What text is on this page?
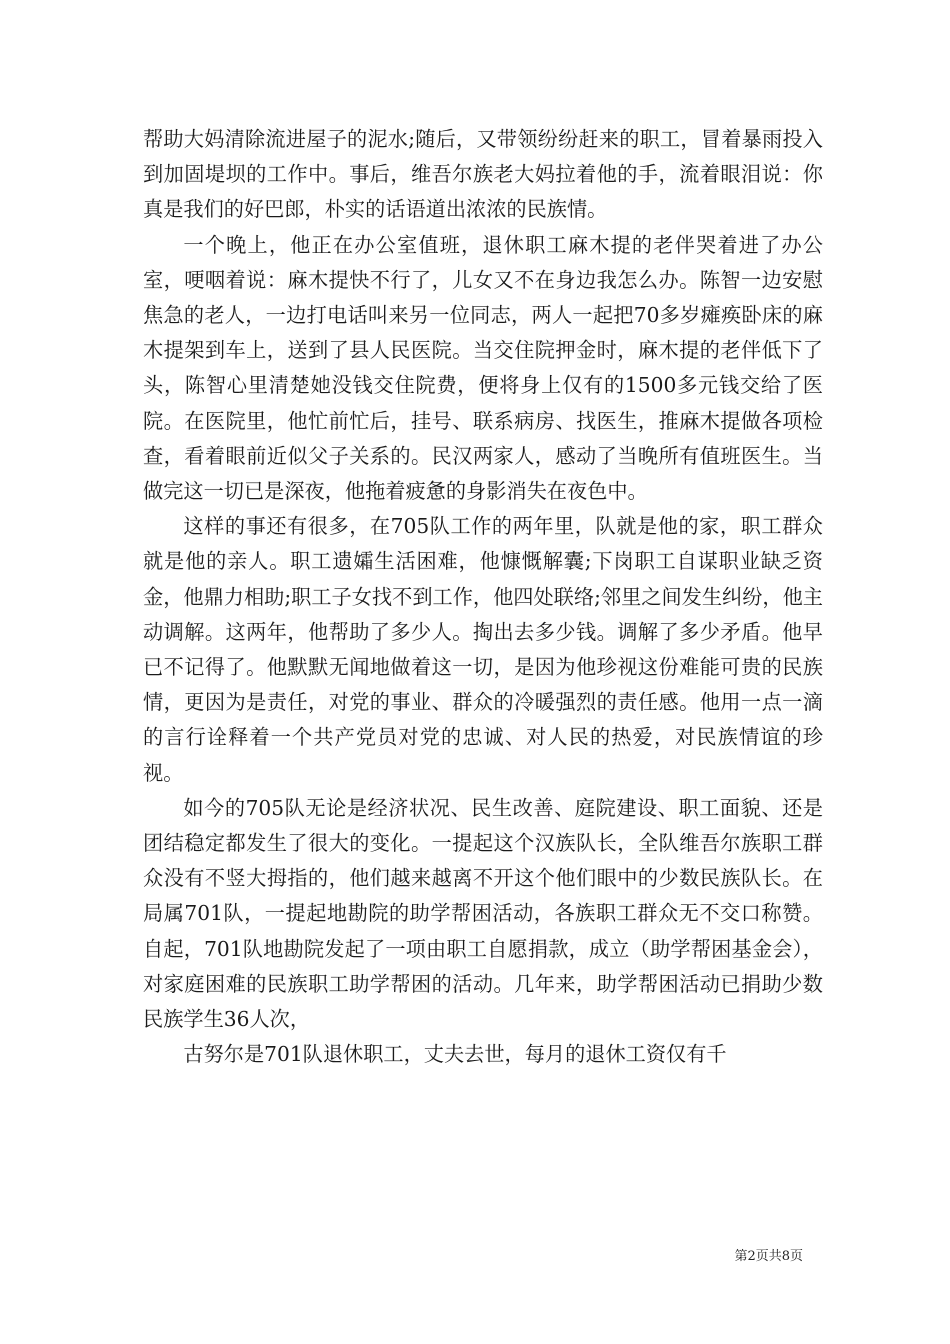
帮助大妈清除流进屋子的泥水;随后，又带领纷纷赶来的职工，冒着暴雨投入到加固堤坝的工作中。事后，维吾尔族老大妈拉着他的手，流着眼泪说：你真是我们的好巴郎，朴实的话语道出浓浓的民族情。

一个晚上，他正在办公室值班，退休职工麻木提的老伴哭着进了办公室，哽咽着说：麻木提快不行了，儿女又不在身边我怎么办。陈智一边安慰焦急的老人，一边打电话叫来另一位同志，两人一起把70多岁瘫痪卧床的麻木提架到车上，送到了县人民医院。当交住院押金时，麻木提的老伴低下了头，陈智心里清楚她没钱交住院费，便将身上仅有的1500多元钱交给了医院。在医院里，他忙前忙后，挂号、联系病房、找医生，推麻木提做各项检查，看着眼前近似父子关系的。民汉两家人，感动了当晚所有值班医生。当做完这一切已是深夜，他拖着疲惫的身影消失在夜色中。

这样的事还有很多，在705队工作的两年里，队就是他的家，职工群众就是他的亲人。职工遗孀生活困难，他慷慨解囊;下岗职工自谋职业缺乏资金，他鼎力相助;职工子女找不到工作，他四处联络;邻里之间发生纠纷，他主动调解。这两年，他帮助了多少人。掏出去多少钱。调解了多少矛盾。他早已不记得了。他默默无闻地做着这一切，是因为他珍视这份难能可贵的民族情，更因为是责任，对党的事业、群众的冷暖强烈的责任感。他用一点一滴的言行诠释着一个共产党员对党的忠诚、对人民的热爱，对民族情谊的珍视。

如今的705队无论是经济状况、民生改善、庭院建设、职工面貌、还是团结稳定都发生了很大的变化。一提起这个汉族队长，全队维吾尔族职工群众没有不竖大拇指的，他们越来越离不开这个他们眼中的少数民族队长。在局属701队，一提起地勘院的助学帮困活动，各族职工群众无不交口称赞。自起，701队地勘院发起了一项由职工自愿捐款，成立（助学帮困基金会），对家庭困难的民族职工助学帮困的活动。几年来，助学帮困活动已捐助少数民族学生36人次，

古努尔是701队退休职工，丈夫去世，每月的退休工资仅有千

第2页共8页
